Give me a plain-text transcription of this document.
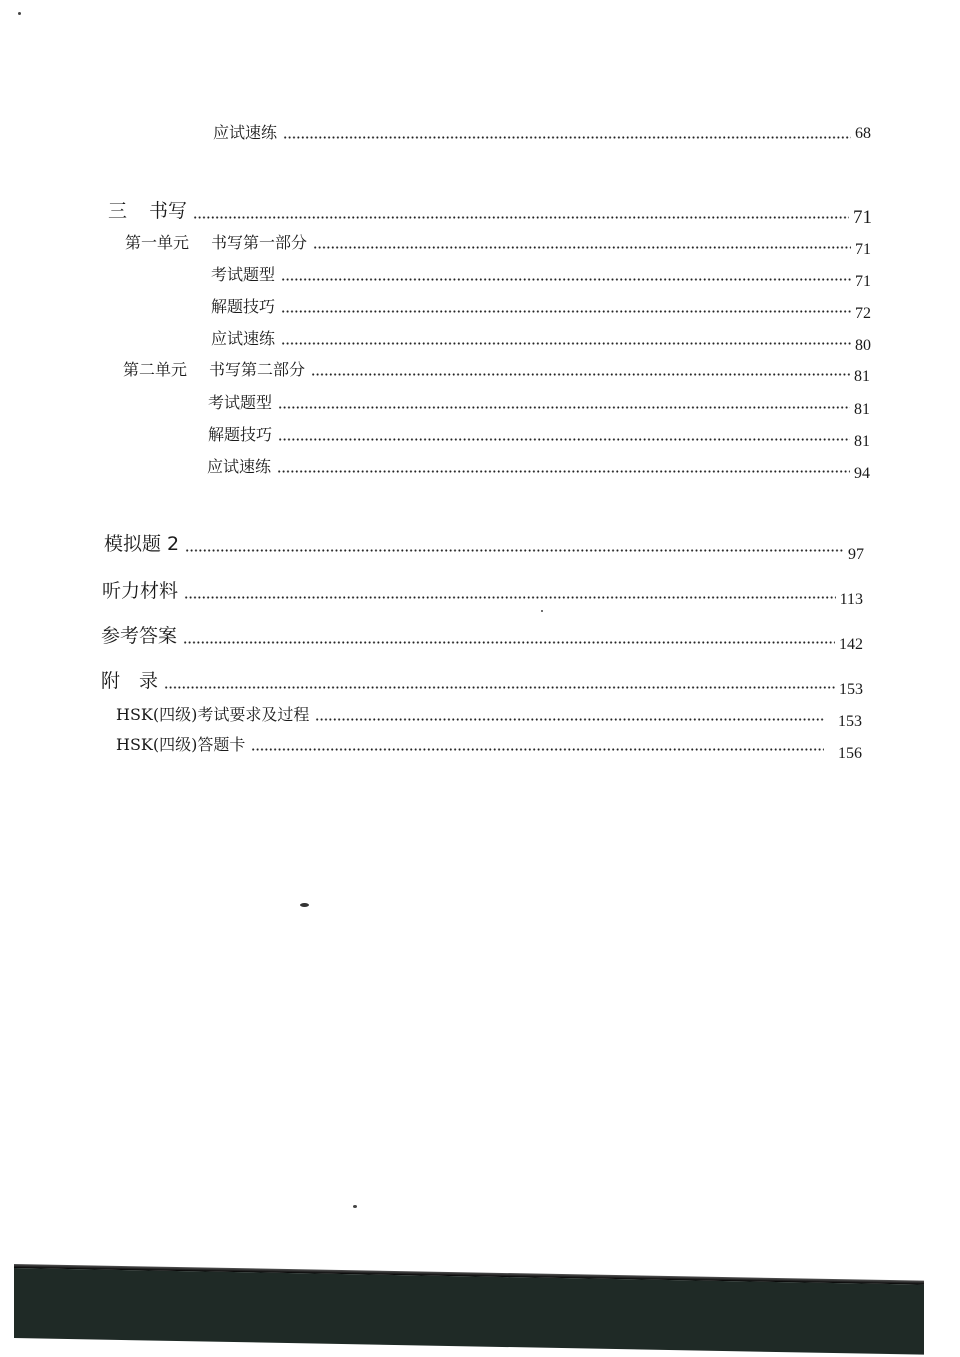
应试速练	68
三 书写	71
第一单元 书写第一部分	71
考试题型	71
解题技巧	72
应试速练	80
第二单元 书写第二部分	81
考试题型	81
解题技巧	81
应试速练	94
模拟题 2	97
听力材料	113
参考答案	142
附　录	153
HSK(四级)考试要求及过程	153
HSK(四级)答题卡	156
